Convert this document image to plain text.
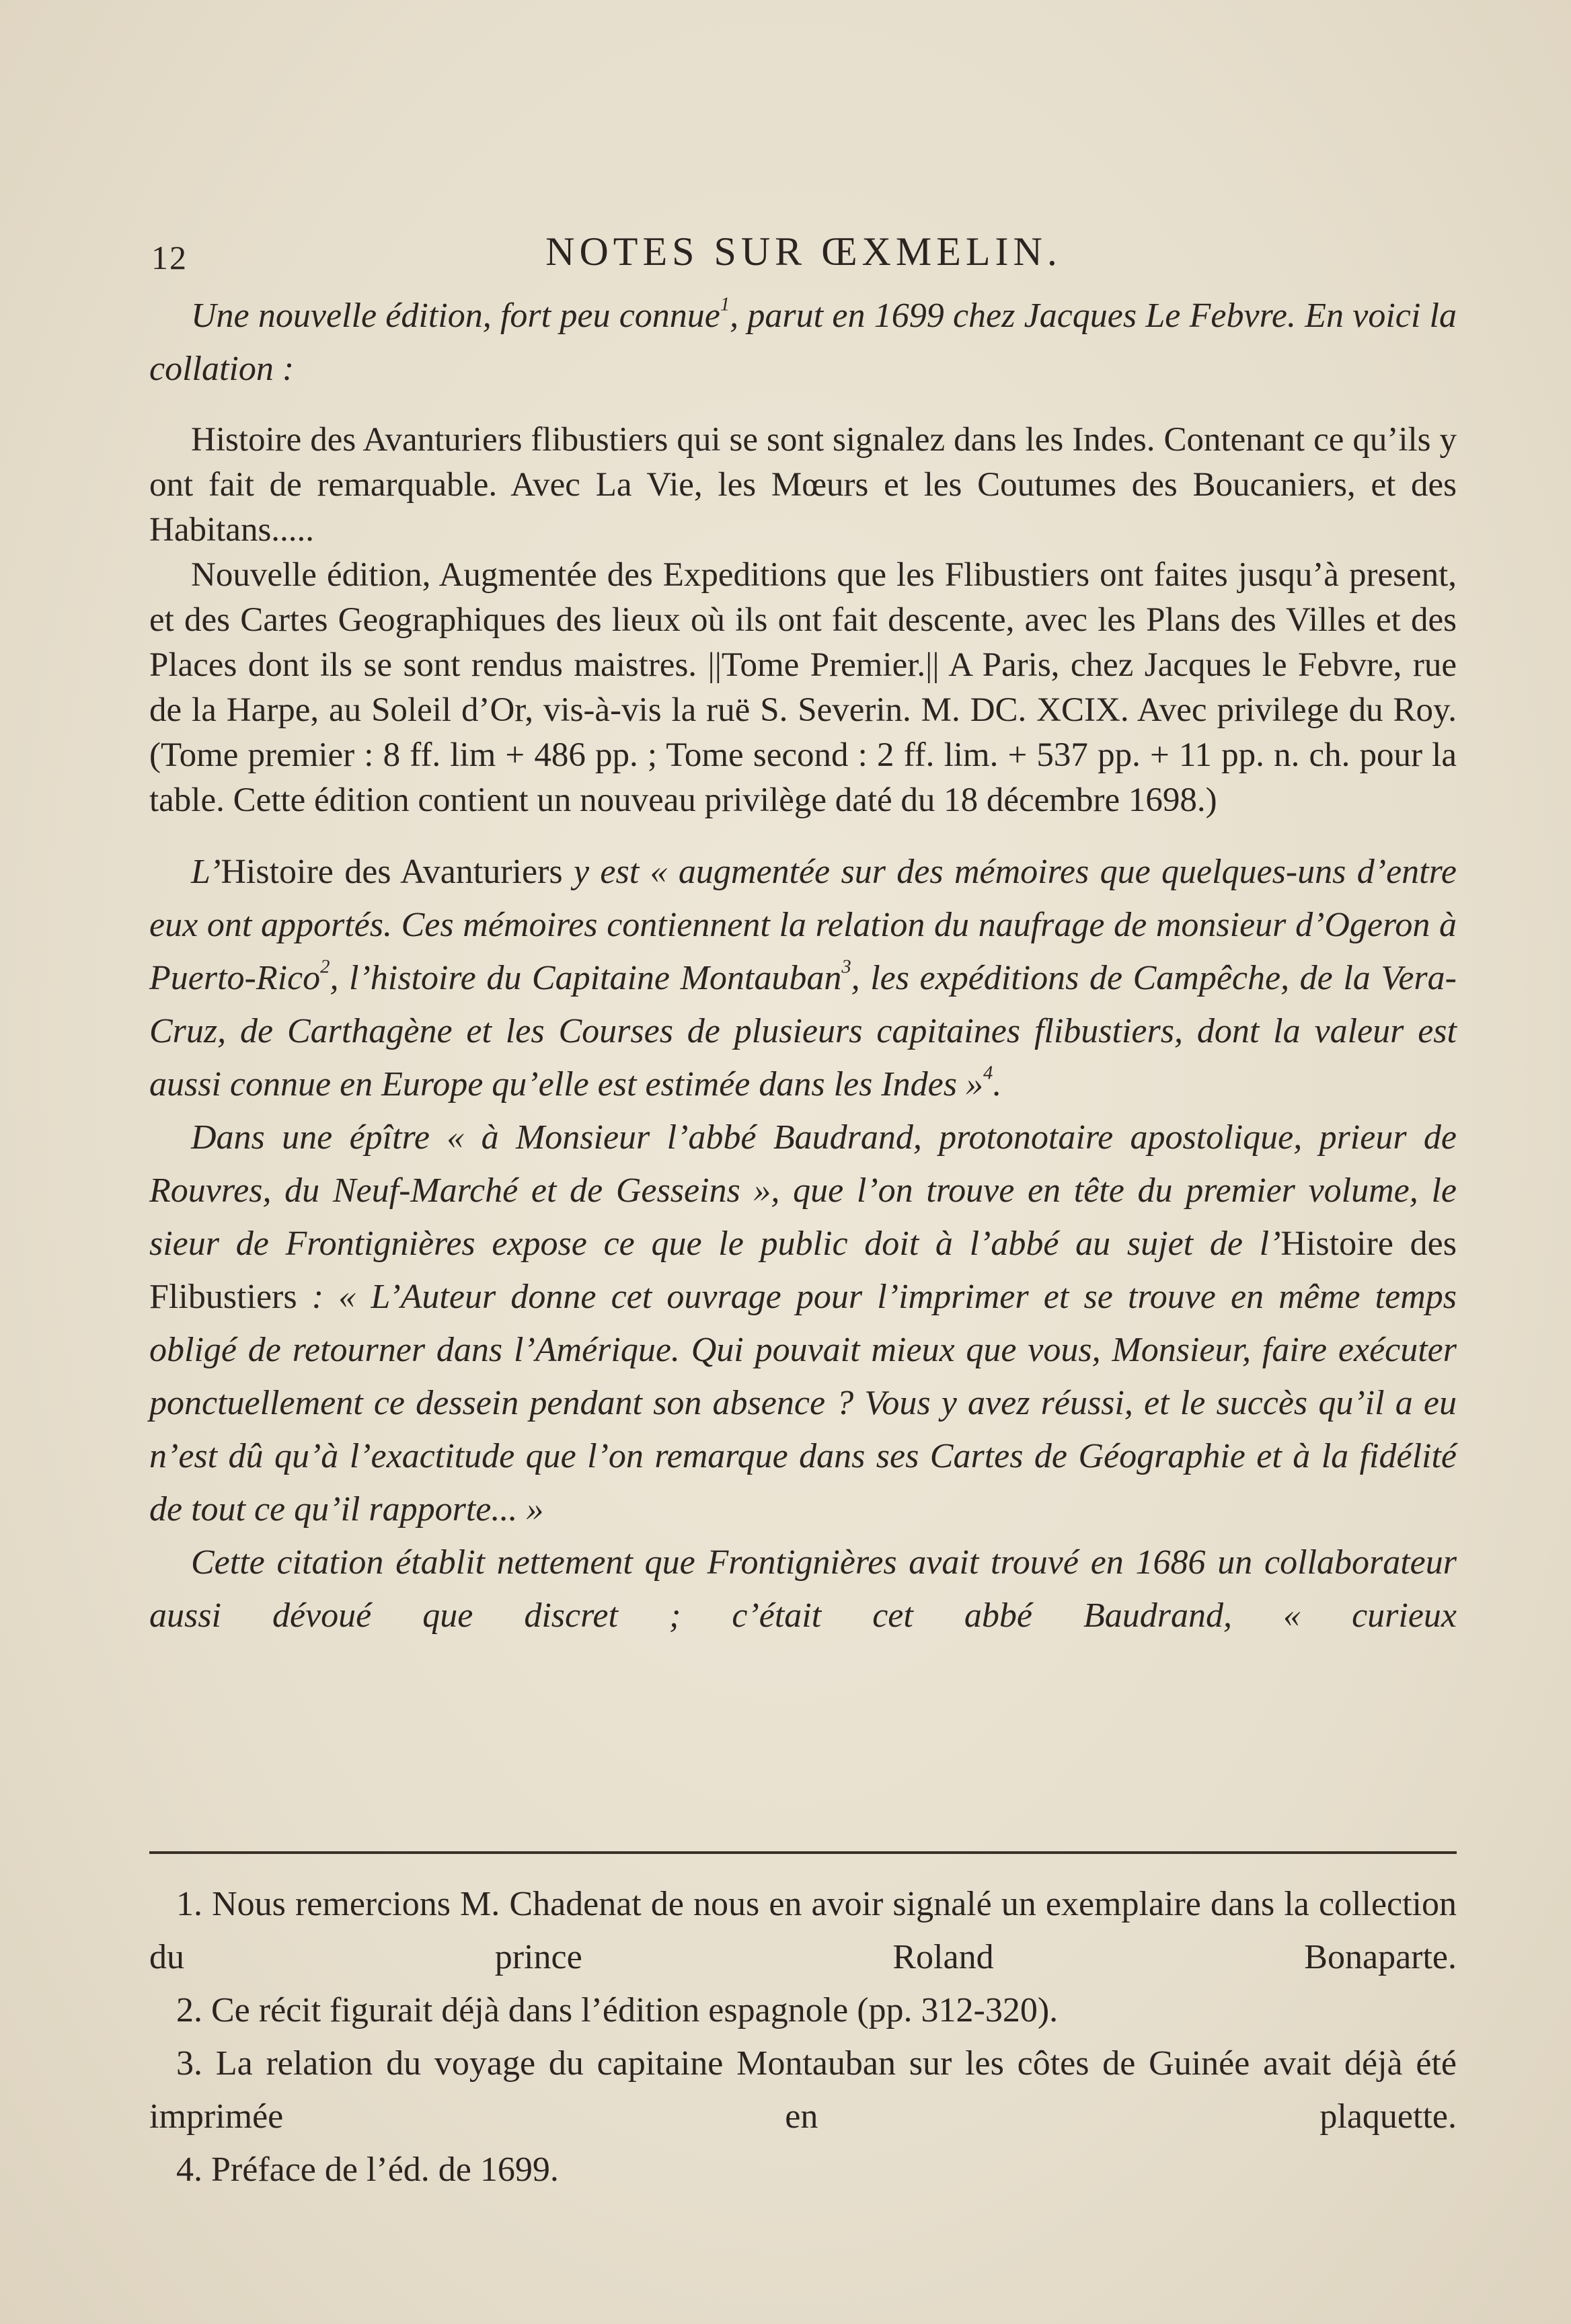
12	NOTES SUR ŒXMELIN.

Une nouvelle édition, fort peu connue$^1$, parut en 1699 chez Jacques Le Febvre. En voici la collation :

Histoire des Avanturiers flibustiers qui se sont signalez dans les Indes. Contenant ce qu’ils y ont fait de remarquable. Avec La Vie, les Mœurs et les Coutumes des Boucaniers, et des Habitans.....

Nouvelle édition, Augmentée des Expeditions que les Flibustiers ont faites jusqu’à present, et des Cartes Geographiques des lieux où ils ont fait descente, avec les Plans des Villes et des Places dont ils se sont rendus maistres. ||Tome Premier.|| A Paris, chez Jacques le Febvre, rue de la Harpe, au Soleil d’Or, vis-à-vis la ruë S. Severin. M. DC. XCIX. Avec privilege du Roy. (Tome premier : 8 ff. lim + 486 pp. ; Tome second : 2 ff. lim. + 537 pp. + 11 pp. n. ch. pour la table. Cette édition contient un nouveau privilège daté du 18 décembre 1698.)

L’Histoire des Avanturiers y est « augmentée sur des mémoires que quelques-uns d’entre eux ont apportés. Ces mémoires contiennent la relation du naufrage de monsieur d’Ogeron à Puerto-Rico$^2$, l’histoire du Capitaine Montauban$^3$, les expéditions de Campêche, de la Vera-Cruz, de Carthagène et les Courses de plusieurs capitaines flibustiers, dont la valeur est aussi connue en Europe qu’elle est estimée dans les Indes »$^4$.

Dans une épître « à Monsieur l’abbé Baudrand, protonotaire apostolique, prieur de Rouvres, du Neuf-Marché et de Gesseins », que l’on trouve en tête du premier volume, le sieur de Frontignières expose ce que le public doit à l’abbé au sujet de l’Histoire des Flibustiers : « L’Auteur donne cet ouvrage pour l’imprimer et se trouve en même temps obligé de retourner dans l’Amérique. Qui pouvait mieux que vous, Monsieur, faire exécuter ponctuellement ce dessein pendant son absence ? Vous y avez réussi, et le succès qu’il a eu n’est dû qu’à l’exactitude que l’on remarque dans ses Cartes de Géographie et à la fidélité de tout ce qu’il rapporte... »

Cette citation établit nettement que Frontignières avait trouvé en 1686 un collaborateur aussi dévoué que discret ; c’était cet abbé Baudrand, « curieux

1. Nous remercions M. Chadenat de nous en avoir signalé un exemplaire dans la collection du prince Roland Bonaparte.

2. Ce récit figurait déjà dans l’édition espagnole (pp. 312-320).

3. La relation du voyage du capitaine Montauban sur les côtes de Guinée avait déjà été imprimée en plaquette.

4. Préface de l’éd. de 1699.
